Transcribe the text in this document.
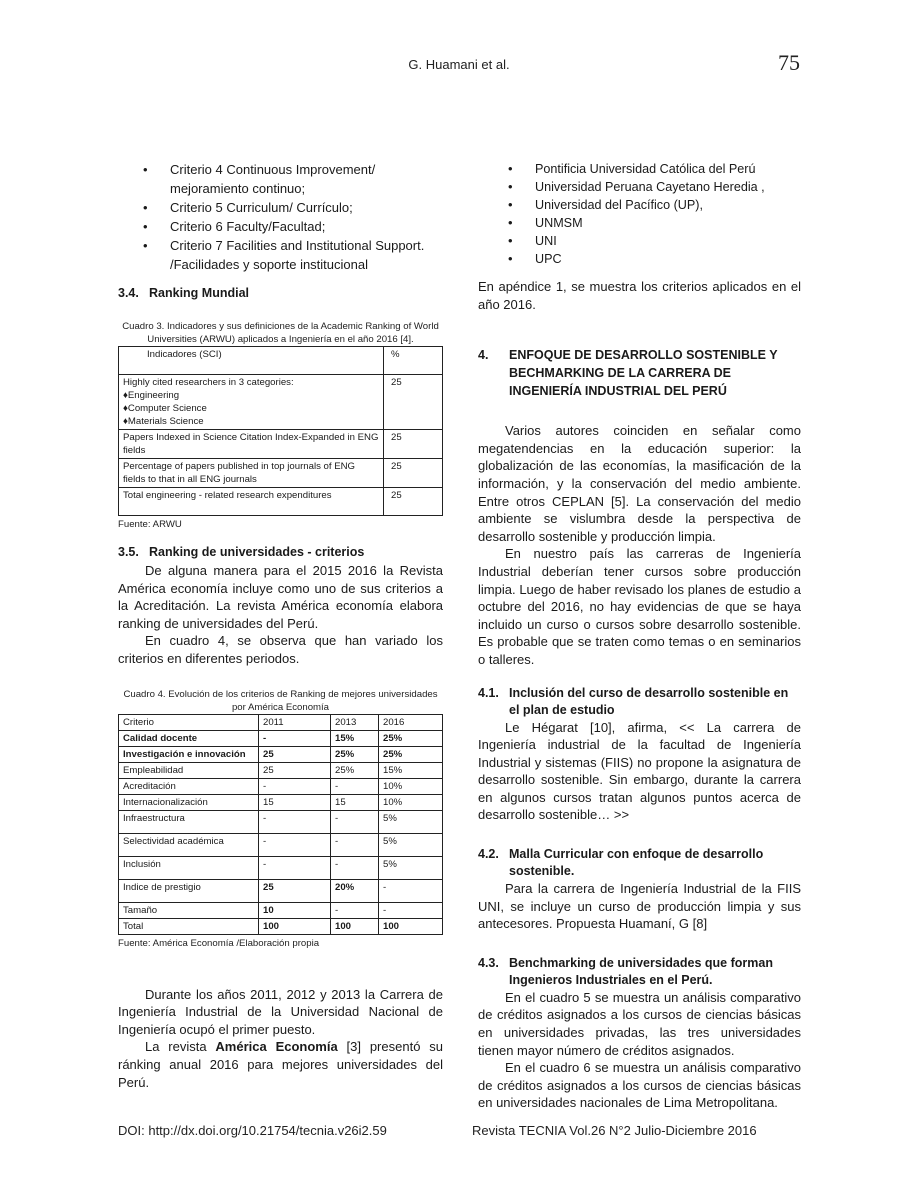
G. Huamani et al.	75
• Criterio 4 Continuous Improvement/ mejoramiento continuo;
• Criterio 5 Curriculum/ Currículo;
• Criterio 6 Faculty/Facultad;
• Criterio 7 Facilities and Institutional Support. /Facilidades y soporte institucional
3.4. Ranking Mundial
Cuadro 3. Indicadores y sus definiciones de la Academic Ranking of World Universities (ARWU) aplicados a Ingeniería en el año 2016 [4].
Indicadores (SCI)	%

Highly cited researchers in 3 categories:
♦Engineering
♦Computer Science
♦Materials Science	25
Papers Indexed in Science Citation Index-Expanded in ENG fields	25
Percentage of papers published in top journals of ENG fields to that in all ENG journals	25
Total engineering - related research expenditures	25
Fuente: ARWU
3.5. Ranking de universidades - criterios

De alguna manera para el 2015 2016 la Revista América economía incluye como uno de sus criterios a la Acreditación. La revista América economía elabora ranking de universidades del Perú.

En cuadro 4, se observa que han variado los criterios en diferentes periodos.

Cuadro 4. Evolución de los criterios de Ranking de mejores universidades por América Economía
Criterio	2011	2013	2016
Calidad docente	-	15%	25%
Investigación e innovación	25	25%	25%
Empleabilidad	25	25%	15%
Acreditación	-	-	10%
Internacionalización	15	15	10%
Infraestructura	-	-	5%
Selectividad académica	-	-	5%
Inclusión	-	-	5%
Indice de prestigio	25	20%	-
Tamaño	10	-	-
Total	100	100	100
Fuente: América Economía /Elaboración propia

Durante los años 2011, 2012 y 2013 la Carrera de Ingeniería Industrial de la Universidad Nacional de Ingeniería ocupó el primer puesto.

La revista América Economía [3] presentó su ránking anual 2016 para mejores universidades del Perú.

• Pontificia Universidad Católica del Perú
• Universidad Peruana Cayetano Heredia ,
• Universidad del Pacífico (UP),
• UNMSM
• UNI
• UPC

En apéndice 1, se muestra los criterios aplicados en el año 2016.

4.	ENFOQUE DE DESARROLLO SOSTENIBLE Y BECHMARKING DE LA CARRERA DE INGENIERÍA INDUSTRIAL DEL PERÚ

Varios autores coinciden en señalar como megatendencias en la educación superior: la globalización de las economías, la masificación de la información, y la conservación del medio ambiente. Entre otros CEPLAN [5]. La conservación del medio ambiente se vislumbra desde la perspectiva de desarrollo sostenible y producción limpia.

En nuestro país las carreras de Ingeniería Industrial deberían tener cursos sobre producción limpia. Luego de haber revisado los planes de estudio a octubre del 2016, no hay evidencias de que se haya incluido un curso o cursos sobre desarrollo sostenible. Es probable que se traten como temas o en seminarios o talleres.

4.1. Inclusión del curso de desarrollo sostenible en el plan de estudio

Le Hégarat [10], afirma, << La carrera de Ingeniería industrial de la facultad de Ingeniería Industrial y sistemas (FIIS) no propone la asignatura de desarrollo sostenible. Sin embargo, durante la carrera en algunos cursos tratan algunos puntos acerca de desarrollo sostenible… >>

4.2. Malla Curricular con enfoque de desarrollo sostenible.

Para la carrera de Ingeniería Industrial de la FIIS UNI, se incluye un curso de producción limpia y sus antecesores. Propuesta Huamaní, G [8]

4.3. Benchmarking de universidades que forman Ingenieros Industriales en el Perú.

En el cuadro 5 se muestra un análisis comparativo de créditos asignados a los cursos de ciencias básicas en universidades privadas, las tres universidades tienen mayor número de créditos asignados.

En el cuadro 6 se muestra un análisis comparativo de créditos asignados a los cursos de ciencias básicas en universidades nacionales de Lima Metropolitana.

DOI: http://dx.doi.org/10.21754/tecnia.v26i2.59	Revista TECNIA Vol.26 N°2 Julio-Diciembre 2016
